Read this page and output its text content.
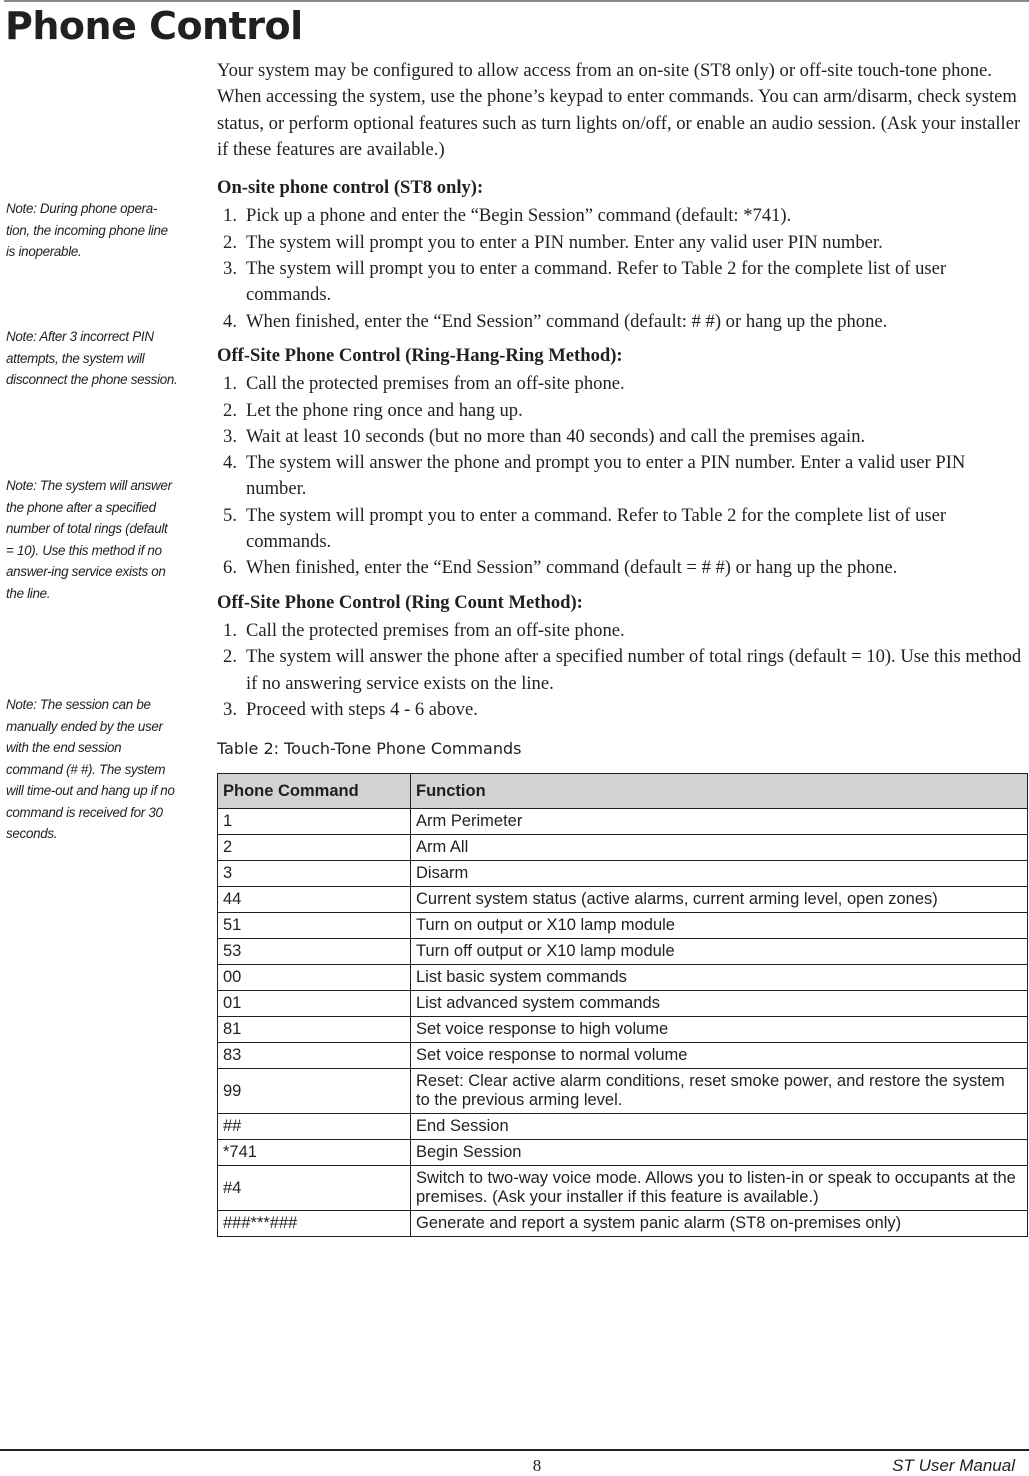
Phone Control
Note: During phone opera-tion, the incoming phone line is inoperable.
Note: After 3 incorrect PIN attempts, the system will disconnect the phone session.
Note: The system will answer the phone after a specified number of total rings (default = 10). Use this method if no answer-ing service exists on the line.
Note: The session can be manually ended by the user with the end session command (# #). The system will time-out and hang up if no command is received for 30 seconds.

Your system may be configured to allow access from an on-site (ST8 only) or off-site touch-tone phone. When accessing the system, use the phone’s keypad to enter commands. You can arm/disarm, check system status, or perform optional features such as turn lights on/off, or enable an audio session. (Ask your installer if these features are available.)

On-site phone control (ST8 only):
1. Pick up a phone and enter the “Begin Session” command (default: *741).
2. The system will prompt you to enter a PIN number. Enter any valid user PIN number.
3. The system will prompt you to enter a command. Refer to Table 2 for the complete list of user commands.
4. When finished, enter the “End Session” command (default: # #) or hang up the phone.
Off-Site Phone Control (Ring-Hang-Ring Method):
1. Call the protected premises from an off-site phone.
2. Let the phone ring once and hang up.
3. Wait at least 10 seconds (but no more than 40 seconds) and call the premises again.
4. The system will answer the phone and prompt you to enter a PIN number. Enter a valid user PIN number.
5. The system will prompt you to enter a command. Refer to Table 2 for the complete list of user commands.
6. When finished, enter the “End Session” command (default = # #) or hang up the phone.
Off-Site Phone Control (Ring Count Method):
1. Call the protected premises from an off-site phone.
2. The system will answer the phone after a specified number of total rings (default = 10). Use this method if no answering service exists on the line.
3. Proceed with steps 4 - 6 above.
Table 2: Touch-Tone Phone Commands
Phone Command	Function
1	Arm Perimeter
2	Arm All
3	Disarm
44	Current system status (active alarms, current arming level, open zones)
51	Turn on output or X10 lamp module
53	Turn off output or X10 lamp module
00	List basic system commands
01	List advanced system commands
81	Set voice response to high volume
83	Set voice response to normal volume
99	Reset: Clear active alarm conditions, reset smoke power, and restore the system to the previous arming level.
##	End Session
*741	Begin Session
#4	Switch to two-way voice mode. Allows you to listen-in or speak to occupants at the premises. (Ask your installer if this feature is available.)
###***###	Generate and report a system panic alarm (ST8 on-premises only)
8	ST User Manual
